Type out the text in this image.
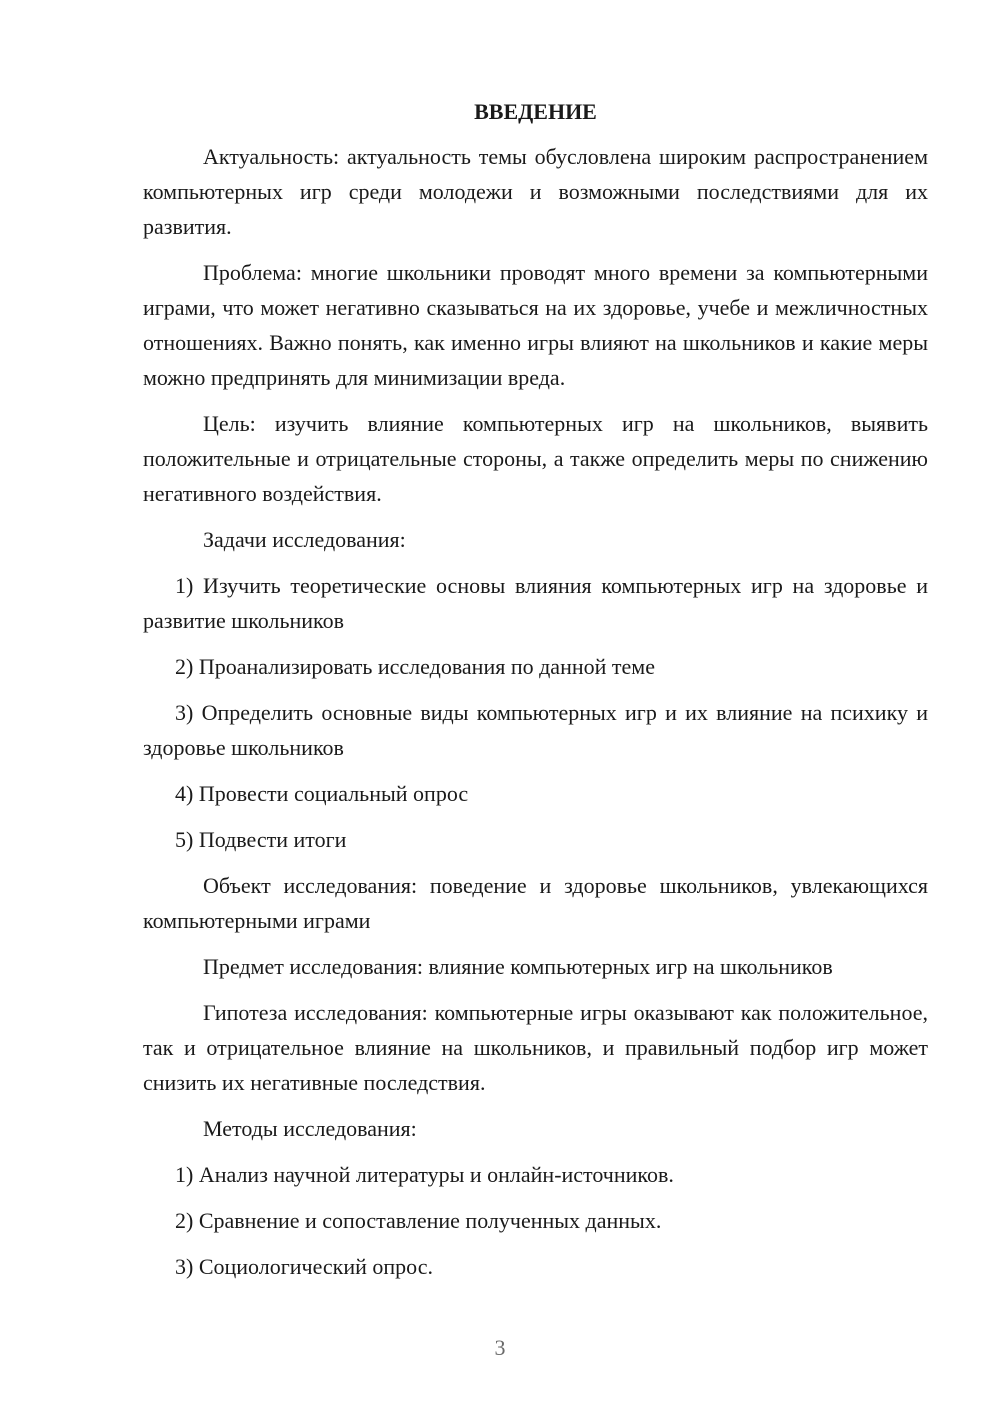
ВВЕДЕНИЕ

Актуальность: актуальность темы обусловлена широким распространением компьютерных игр среди молодежи и возможными последствиями для их развития.

Проблема: многие школьники проводят много времени за компьютерными играми, что может негативно сказываться на их здоровье, учебе и межличностных отношениях. Важно понять, как именно игры влияют на школьников и какие меры можно предпринять для минимизации вреда.

Цель: изучить влияние компьютерных игр на школьников, выявить положительные и отрицательные стороны, а также определить меры по снижению негативного воздействия.

Задачи исследования:

1) Изучить теоретические основы влияния компьютерных игр на здоровье и развитие школьников

2) Проанализировать исследования по данной теме

3) Определить основные виды компьютерных игр и их влияние на психику и здоровье школьников

4) Провести социальный опрос

5) Подвести итоги

Объект исследования: поведение и здоровье школьников, увлекающихся компьютерными играми

Предмет исследования: влияние компьютерных игр на школьников

Гипотеза исследования: компьютерные игры оказывают как положительное, так и отрицательное влияние на школьников, и правильный подбор игр может снизить их негативные последствия.

Методы исследования:

1) Анализ научной литературы и онлайн-источников.

2) Сравнение и сопоставление полученных данных.

3) Социологический опрос.

3
